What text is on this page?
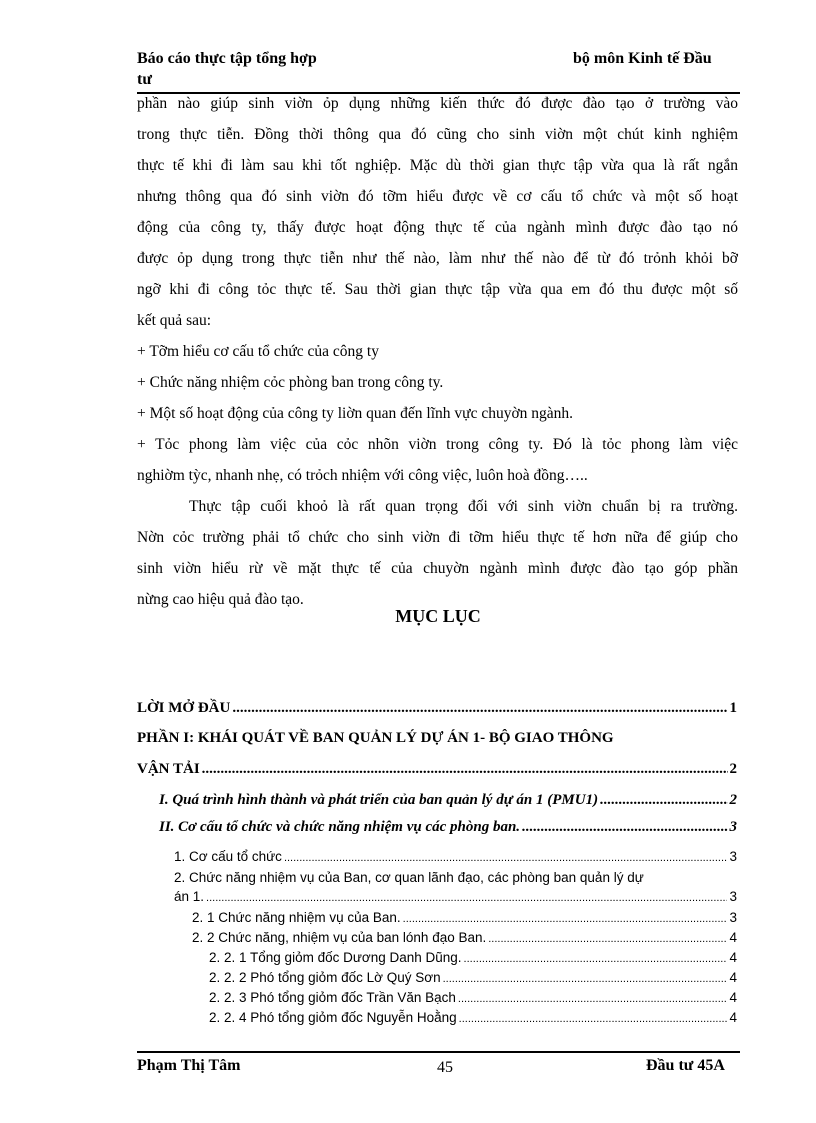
Báo cáo thực tập tổng hợp
tư
bộ môn Kinh tế Đầu
phần nào giúp sinh viờn ỏp dụng những kiến thức đó được đào tạo ở trường vào
trong thực tiễn. Đồng thời thông qua đó cũng cho sinh viờn một chút kinh nghiệm
thực tế khi đi làm sau khi tốt nghiệp. Mặc dù thời gian thực tập vừa qua là rất ngắn
nhưng thông qua đó sinh viờn đó tỡm hiểu được về cơ cấu tổ chức và một số hoạt
động của công ty, thấy được hoạt động thực tế của ngành mình được đào tạo nó
được ỏp dụng trong thực tiễn như thế nào, làm như thế nào để từ đó trỏnh khỏi bỡ
ngỡ khi đi công tỏc thực tế. Sau thời gian thực tập vừa qua em đó thu được một số
kết quả sau:
+ Tỡm hiểu cơ cấu tổ chức của công ty
+ Chức năng nhiệm cỏc phòng ban trong công ty.
+ Một số hoạt động của công ty liờn quan đến lĩnh vực chuyờn ngành.
+ Tỏc phong làm việc của cỏc nhõn viờn trong công ty. Đó là tỏc phong làm việc
nghiờm tỳc, nhanh nhẹ, có trỏch nhiệm với công việc, luôn hoà đồng…..
Thực tập cuối khoỏ là rất quan trọng đối với sinh viờn chuẩn bị ra trường.
Nờn cỏc trường phải tổ chức cho sinh viờn đi tỡm hiểu thực tế hơn nữa để giúp cho
sinh viờn hiểu rừ về mặt thực tế của chuyờn ngành mình được đào tạo góp phần
nừng cao hiệu quả đào tạo.
MỤC LỤC
LỜI MỞ ĐẦU .....	1
PHẦN I: KHÁI QUÁT VỀ BAN QUẢN LÝ DỰ ÁN 1- BỘ GIAO THÔNG
VẬN TẢI .....	2
I. Quá trình hình thành và phát triển của ban quản lý dự án 1 (PMU1) .....	2
II. Cơ cấu tổ chức và chức năng nhiệm vụ các phòng ban. .....	3
1. Cơ cấu tổ chức .....	3
2. Chức năng nhiệm vụ của Ban, cơ quan lãnh đạo, các phòng ban quản lý dự
án 1. .....	3
2. 1 Chức năng nhiệm vụ của Ban. .....	3
2. 2 Chức năng, nhiệm vụ của ban lónh đạo Ban. .....	4
2. 2. 1 Tổng giỏm đốc Dương Danh Dũng. .....	4
2. 2. 2 Phó tổng giỏm đốc Lờ Quý Sơn .....	4
2. 2. 3 Phó tổng giỏm đốc Trần Văn Bạch .....	4
2. 2. 4 Phó tổng giỏm đốc Nguyễn Hoằng .....	4
Phạm Thị Tâm	45	Đầu tư 45A
